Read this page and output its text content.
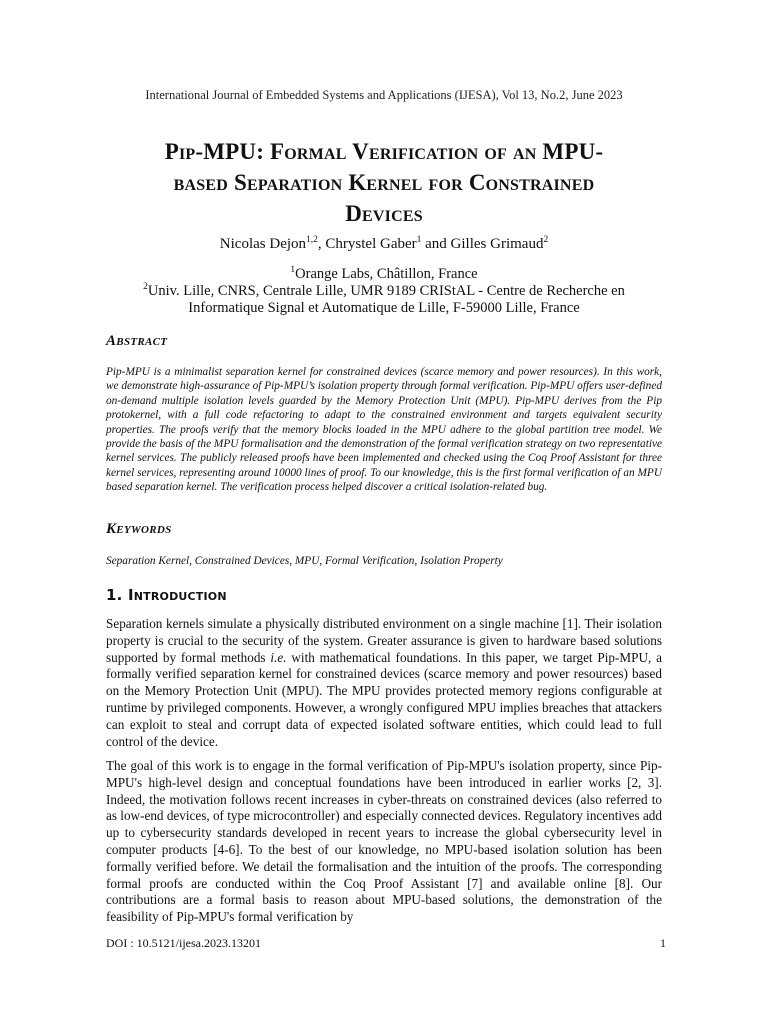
International Journal of Embedded Systems and Applications (IJESA), Vol 13, No.2, June 2023
Pip-MPU: Formal Verification of an MPU-
based Separation Kernel for Constrained
Devices
Nicolas Dejon$^{1,2}$, Chrystel Gaber$^1$ and Gilles Grimaud$^2$
$^1$Orange Labs, Châtillon, France
$^2$Univ. Lille, CNRS, Centrale Lille, UMR 9189 CRIStAL - Centre de Recherche en
Informatique Signal et Automatique de Lille, F-59000 Lille, France
Abstract
Pip-MPU is a minimalist separation kernel for constrained devices (scarce memory and power resources). In this work, we demonstrate high-assurance of Pip-MPU’s isolation property through formal verification. Pip-MPU offers user-defined on-demand multiple isolation levels guarded by the Memory Protection Unit (MPU). Pip-MPU derives from the Pip protokernel, with a full code refactoring to adapt to the constrained environment and targets equivalent security properties. The proofs verify that the memory blocks loaded in the MPU adhere to the global partition tree model. We provide the basis of the MPU formalisation and the demonstration of the formal verification strategy on two representative kernel services. The publicly released proofs have been implemented and checked using the Coq Proof Assistant for three kernel services, representing around 10000 lines of proof. To our knowledge, this is the first formal verification of an MPU based separation kernel. The verification process helped discover a critical isolation-related bug.
Keywords
Separation Kernel, Constrained Devices, MPU, Formal Verification, Isolation Property
1. Introduction
Separation kernels simulate a physically distributed environment on a single machine [1]. Their isolation property is crucial to the security of the system. Greater assurance is given to hardware based solutions supported by formal methods i.e. with mathematical foundations. In this paper, we target Pip-MPU, a formally verified separation kernel for constrained devices (scarce memory and power resources) based on the Memory Protection Unit (MPU). The MPU provides protected memory regions configurable at runtime by privileged components. However, a wrongly configured MPU implies breaches that attackers can exploit to steal and corrupt data of expected isolated software entities, which could lead to full control of the device.
The goal of this work is to engage in the formal verification of Pip-MPU's isolation property, since Pip-MPU's high-level design and conceptual foundations have been introduced in earlier works [2, 3]. Indeed, the motivation follows recent increases in cyber-threats on constrained devices (also referred to as low-end devices, of type microcontroller) and especially connected devices. Regulatory incentives add up to cybersecurity standards developed in recent years to increase the global cybersecurity level in computer products [4-6]. To the best of our knowledge, no MPU-based isolation solution has been formally verified before. We detail the formalisation and the intuition of the proofs. The corresponding formal proofs are conducted within the Coq Proof Assistant [7] and available online [8]. Our contributions are a formal basis to reason about MPU-based solutions, the demonstration of the feasibility of Pip-MPU's formal verification by
DOI : 10.5121/ijesa.2023.13201	1
